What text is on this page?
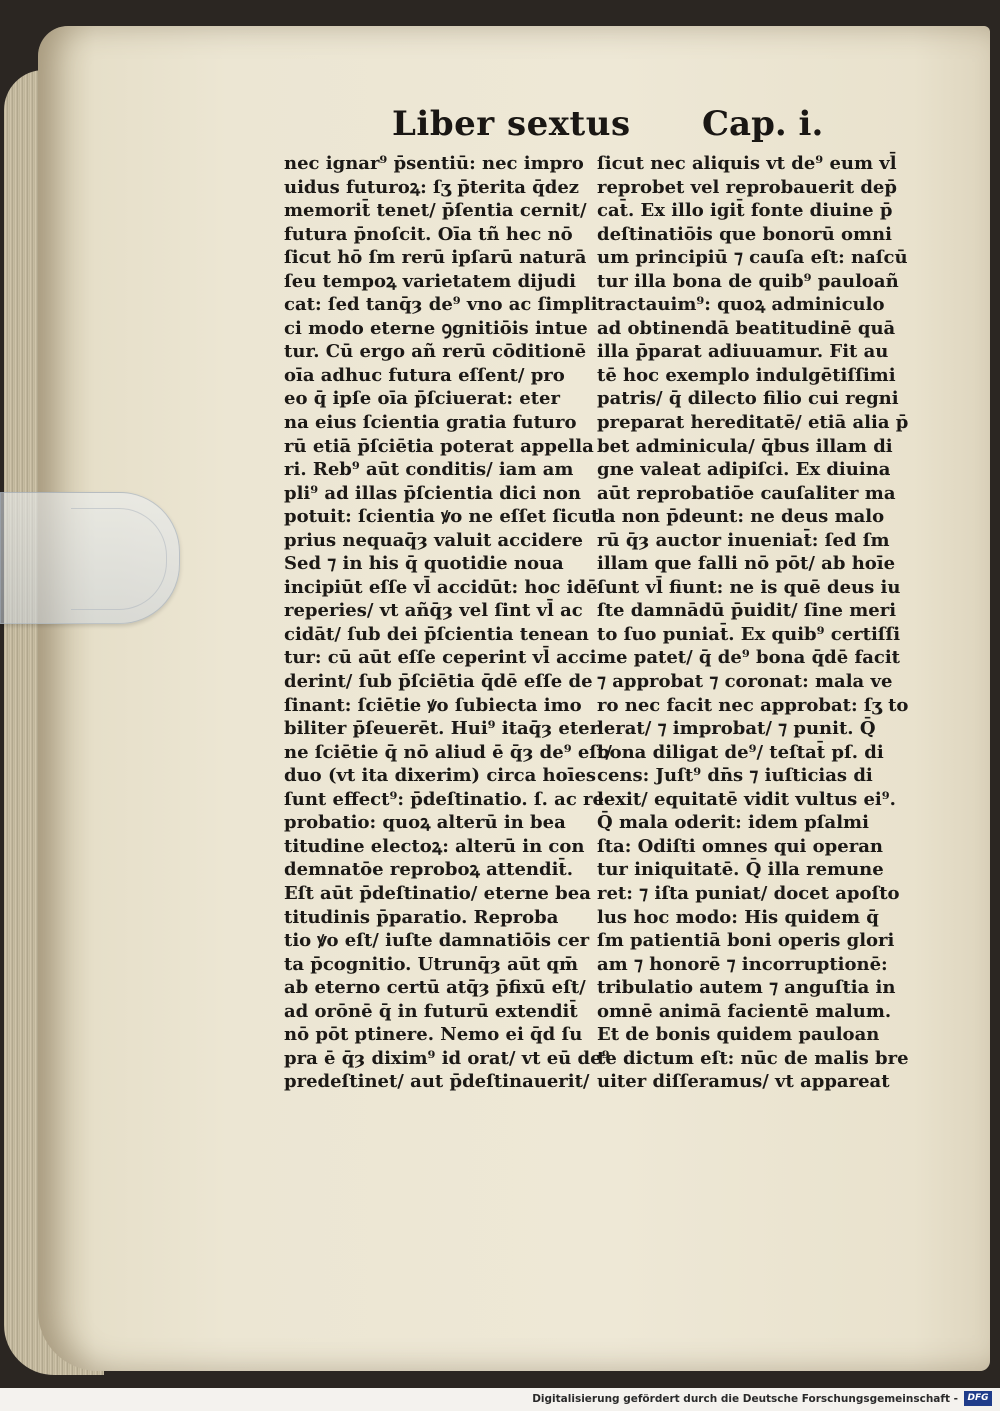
Liber sextus Cap. i.
nec ignar⁹ p̄sentiū: nec impro
uidus futuroꝝ: ſʒ p̄terita q̄dez
memorit̄ tenet/ p̄ſentia cernit/
futura p̄noſcit. Oīa tñ hec nō
ſicut hō ſm rerū ipſarū naturā
ſeu tempoꝝ varietatem dijudi
cat: ſed tanq̄ȝ de⁹ vno ac ſimpli
ci modo eterne ꝯgnitiōis intue
tur. Cū ergo añ rerū cōditionē
oīa adhuc futura eſſent/ pro
eo q̄ ipſe oīa p̄ſciuerat: eter
na eius ſcientia gratia futuro
rū etiā p̄ſciētia poterat appella
ri. Reb⁹ aūt conditis/ iam am
pli⁹ ad illas p̄ſcientia dici non
potuit: ſcientia ꝟo ne eſſet ſicut
prius nequaq̄ȝ valuit accidere
Sed ⁊ in his q̄ quotidie noua
incipiūt eſſe vl̄ accidūt: hoc idē
reperies/ vt añq̄ȝ vel ſint vl̄ ac
cidāt/ ſub dei p̄ſcientia tenean
tur: cū aūt eſſe ceperint vl̄ acci
derint/ ſub p̄ſciētia q̄dē eſſe de
ſinant: ſciētie ꝟo ſubiecta imo
biliter p̄ſeuerēt. Hui⁹ itaq̄ȝ eter
ne ſciētie q̄ nō aliud ē q̄ȝ de⁹ eſt/
duo (vt ita dixerim) circa hoīes
ſunt effect⁹: p̄deſtinatio. ſ. ac re
probatio: quoꝝ alterū in bea
titudine electoꝝ: alterū in con
demnatōe reproboꝝ attendit̄.
Eſt aūt p̄deſtinatio/ eterne bea
titudinis p̄paratio. Reproba
tio ꝟo eſt/ iuſte damnatiōis cer
ta p̄cognitio. Utrunq̄ȝ aūt qm̄
ab eterno certū atq̄ȝ p̄fixū eſt/
ad orōnē q̄ in futurū extendit̄
nō pōt ptinere. Nemo ei q̄d ſu
pra ē q̄ȝ dixim⁹ id orat/ vt eū de⁹
predeſtinet/ aut p̄deſtinauerit/
ſicut nec aliquis vt de⁹ eum vl̄
reprobet vel reprobauerit dep̄
cat̄. Ex illo igit̄ fonte diuine p̄
deſtinatiōis que bonorū omni
um principiū ⁊ cauſa eſt: naſcū
tur illa bona de quib⁹ pauloañ
tractauim⁹: quoꝝ adminiculo
ad obtinendā beatitudinē quā
illa p̄parat adiuuamur. Fit au
tē hoc exemplo indulgētiſſimi
patris/ q̄ dilecto filio cui regni
preparat hereditatē/ etiā alia p̄
bet adminicula/ q̄bus illam di
gne valeat adipiſci. Ex diuina
aūt reprobatiōe cauſaliter ma
la non p̄deunt: ne deus malo
rū q̄ȝ auctor inueniat̄: ſed ſm
illam que falli nō pōt/ ab hoīe
ſunt vl̄ fiunt: ne is quē deus iu
ſte damnādū p̄uidit/ ſine meri
to ſuo puniat̄. Ex quib⁹ certiſſi
me patet/ q̄ de⁹ bona q̄dē facit
⁊ approbat ⁊ coronat: mala ve
ro nec facit nec approbat: ſʒ to
lerat/ ⁊ improbat/ ⁊ punit. Q̄
bona diligat de⁹/ teſtat̄ pſ. di
cens: Juſt⁹ dn̄s ⁊ iuſticias di
lexit/ equitatē vidit vultus ei⁹.
Q̄ mala oderit: idem pſalmi
ſta: Odiſti omnes qui operan
tur iniquitatē. Q̄ illa remune
ret: ⁊ iſta puniat/ docet apoſto
lus hoc modo: His quidem q̄
ſm patientiā boni operis glori
am ⁊ honorē ⁊ incorruptionē:
tribulatio autem ⁊ anguſtia in
omnē animā facientē malum.
Et de bonis quidem pauloan
te dictum eſt: nūc de malis bre
uiter diſſeramus/ vt appareat
Digitalisierung gefördert durch die Deutsche Forschungsgemeinschaft -	DFG
